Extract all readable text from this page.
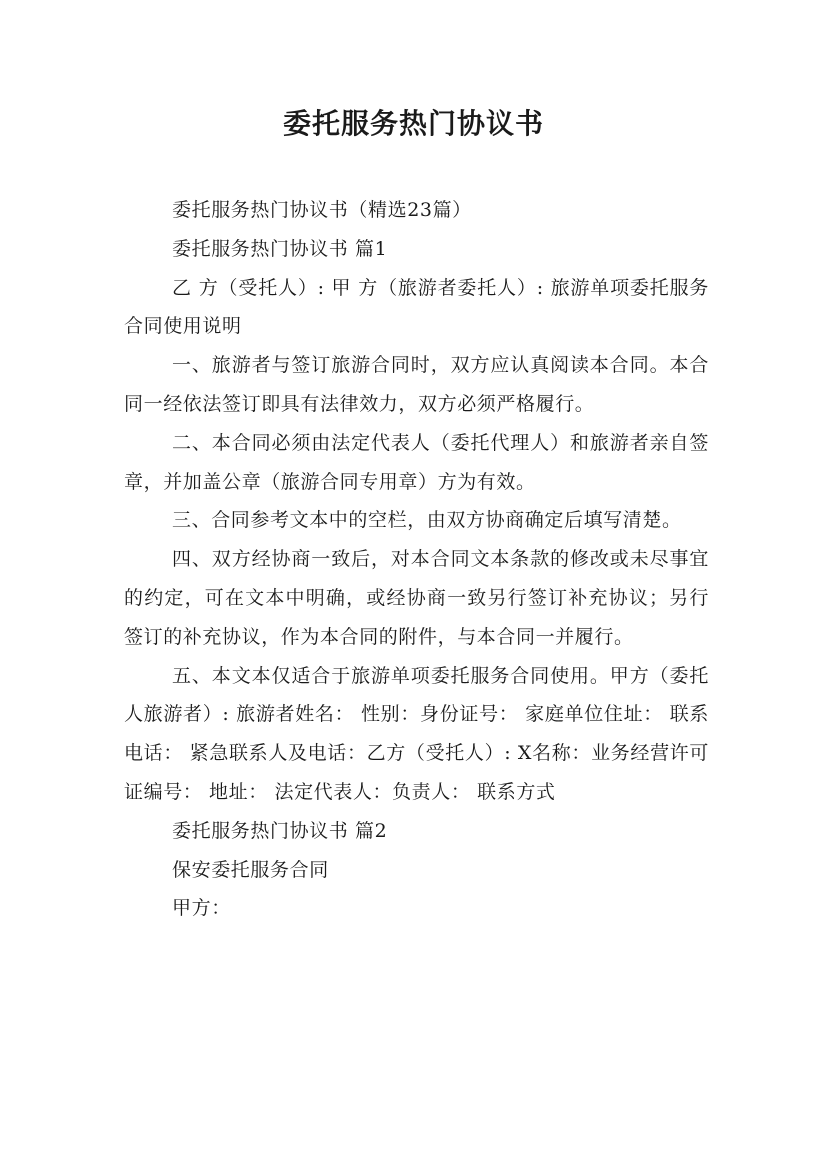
委托服务热门协议书

委托服务热门协议书（精选23篇）

委托服务热门协议书 篇1

乙 方（受托人）: 甲 方（旅游者委托人）: 旅游单项委托服务合同使用说明

一、旅游者与签订旅游合同时，双方应认真阅读本合同。本合同一经依法签订即具有法律效力，双方必须严格履行。

二、本合同必须由法定代表人（委托代理人）和旅游者亲自签章，并加盖公章（旅游合同专用章）方为有效。

三、合同参考文本中的空栏，由双方协商确定后填写清楚。

四、双方经协商一致后，对本合同文本条款的修改或未尽事宜的约定，可在文本中明确，或经协商一致另行签订补充协议；另行签订的补充协议，作为本合同的附件，与本合同一并履行。

五、本文本仅适合于旅游单项委托服务合同使用。甲方（委托人旅游者）: 旅游者姓名： 性别：身份证号： 家庭单位住址： 联系电话： 紧急联系人及电话：乙方（受托人）: X名称：业务经营许可证编号： 地址： 法定代表人：负责人： 联系方式

委托服务热门协议书 篇2

保安委托服务合同

甲方：
